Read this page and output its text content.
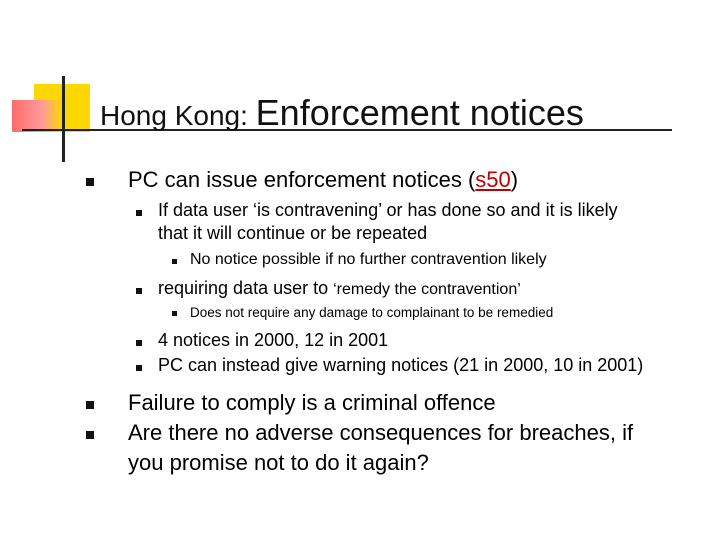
Hong Kong: Enforcement notices
PC can issue enforcement notices (s50)
If data user ‘is contravening’ or has done so and it is likely
that it will continue or be repeated
No notice possible if no further contravention likely
requiring data user to ‘remedy the contravention’
Does not require any damage to complainant to be remedied
4 notices in 2000, 12 in 2001
PC can instead give warning notices (21 in 2000, 10 in 2001)
Failure to comply is a criminal offence
Are there no adverse consequences for breaches, if
you promise not to do it again?
